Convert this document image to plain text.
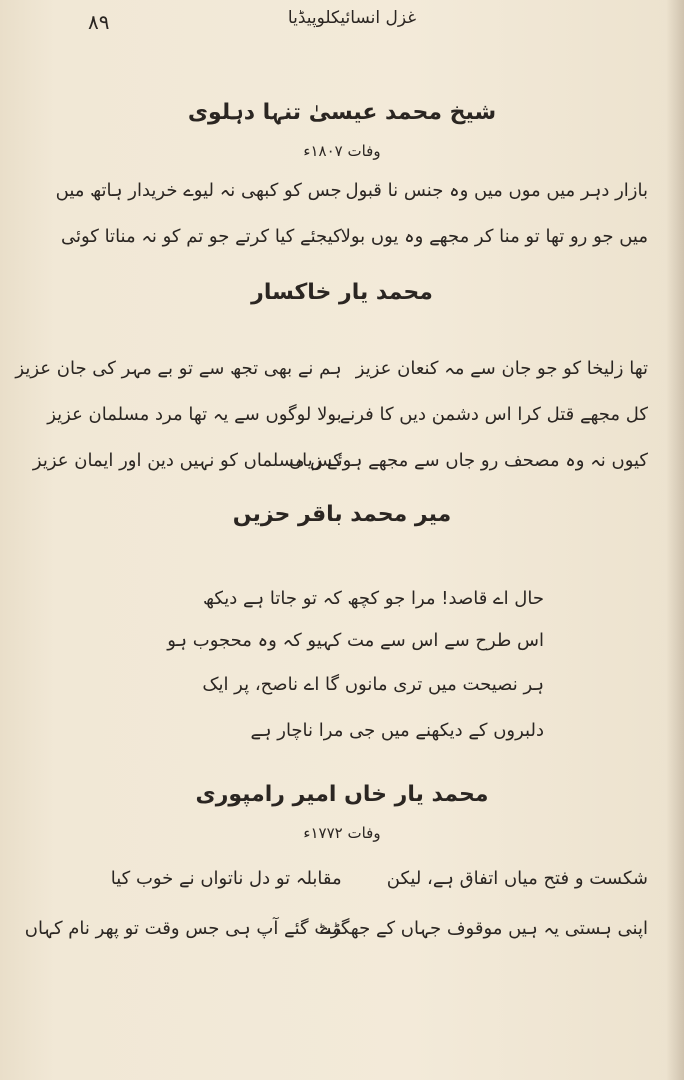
۸۹	غزل انسائیکلوپیڈیا
شیخ محمد عیسیٰ تنہا دہلوی
وفات ۱۸۰۷ء
بازار دہر میں موں میں وہ جنس نا قبول
جس کو کبھی نہ لیوے خریدار ہاتھ میں
میں جو رو تھا تو منا کر مجھے وہ یوں بولا
کیجئے کیا کرتے جو تم کو نہ مناتا کوئی
محمد یار خاکسار
تھا زلیخا کو جو جان سے مہ کنعان عزیز
ہم نے بھی تجھ سے تو بے مہر کی جان عزیز
کل مجھے قتل کرا اس دشمن دیں کا فرنے
بولا لوگوں سے یہ تھا مرد مسلمان عزیز
کیوں نہ وہ مصحف رو جاں سے مجھے ہوئے زیاں
کس مسلماں کو نہیں دین اور ایمان عزیز
میر محمد باقر حزیں
حال اے قاصد! مرا جو کچھ کہ تو جاتا ہے دیکھ
اس طرح سے اس سے مت کہیو کہ وہ محجوب ہو
ہر نصیحت میں تری مانوں گا اے ناصح، پر ایک
دلبروں کے دیکھنے میں جی مرا ناچار ہے
محمد یار خاں امیر رامپوری
وفات ۱۷۷۲ء
شکست و فتح میاں اتفاق ہے، لیکن
مقابلہ تو دل ناتواں نے خوب کیا
اپنی ہستی یہ ہیں موقوف جہاں کے جھگڑے
مٹ گئے آپ ہی جس وقت تو پھر نام کہاں
